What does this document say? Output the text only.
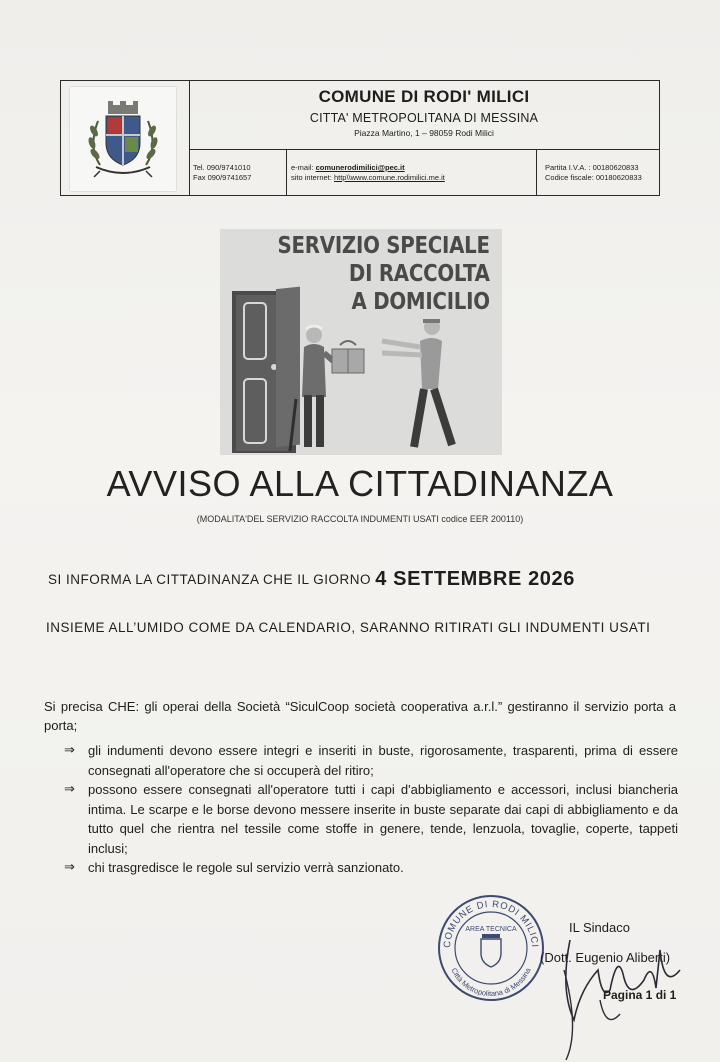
COMUNE DI RODI' MILICI
CITTA' METROPOLITANA DI MESSINA
Piazza Martino, 1 – 98059 Rodi Milici
Tel. 090/9741010
Fax 090/9741657
e-mail: comunerodimilici@pec.it
sito internet: http\\www.comune.rodimilici.me.it
Partita I.V.A. : 00180620833
Codice fiscale: 00180620833
SERVIZIO SPECIALE
DI RACCOLTA
A DOMICILIO
AVVISO ALLA CITTADINANZA
(MODALITA'DEL SERVIZIO RACCOLTA INDUMENTI USATI codice EER 200110)
SI INFORMA LA CITTADINANZA CHE IL GIORNO 4 SETTEMBRE 2026
INSIEME ALL’UMIDO COME DA CALENDARIO, SARANNO RITIRATI GLI INDUMENTI USATI
Si precisa CHE: gli operai della Società “SiculCoop società cooperativa a.r.l.” gestiranno il servizio porta a porta;
⇒ gli indumenti devono essere integri e inseriti in buste, rigorosamente, trasparenti, prima di essere consegnati all'operatore che si occuperà del ritiro;
⇒ possono essere consegnati all'operatore tutti i capi d'abbigliamento e accessori, inclusi biancheria intima. Le scarpe e le borse devono messere inserite in buste separate dai capi di abbigliamento e da tutto quel che rientra nel tessile come stoffe in genere, tende, lenzuola, tovaglie, coperte, tappeti inclusi;
⇒ chi trasgredisce le regole sul servizio verrà sanzionato.
COMUNE DI RODI MILICI
Città Metropolitana di Messina
AREA TECNICA	IL Sindaco
(Dott. Eugenio Aliberti)
Pagina 1 di 1
